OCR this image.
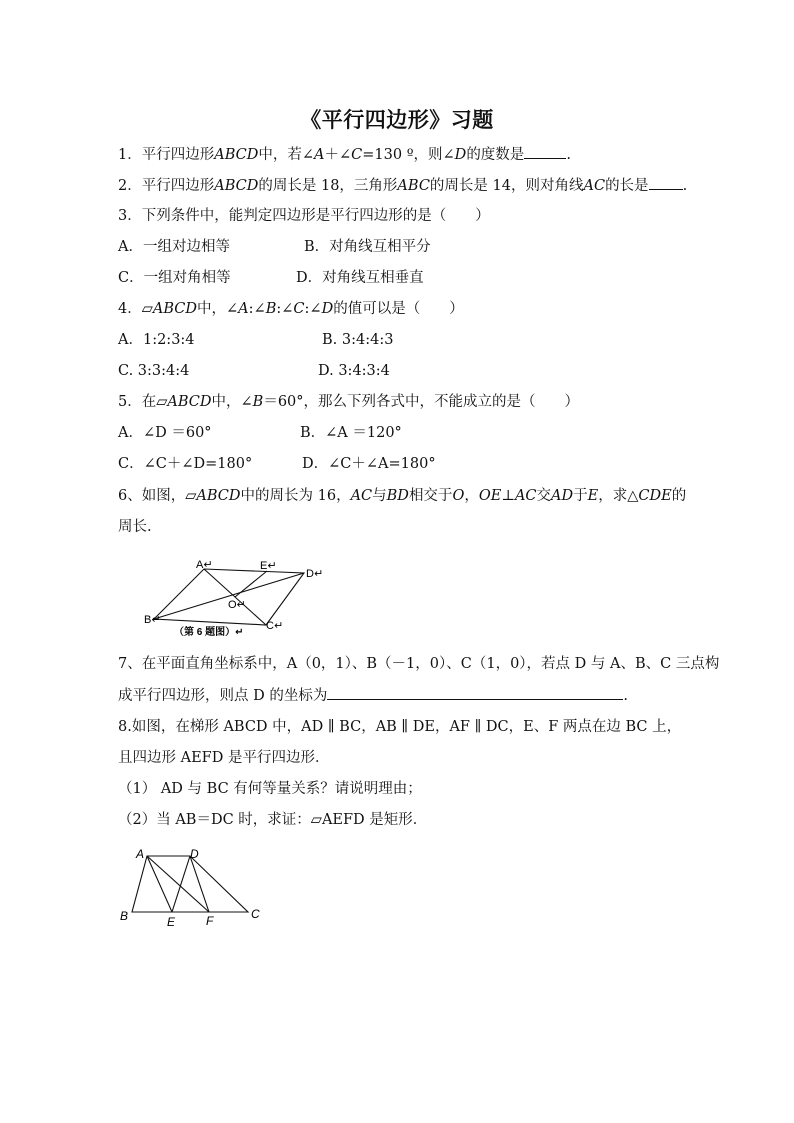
《平行四边形》习题
1．平行四边形ABCD中，若∠A＋∠C=130 º，则∠D的度数是	.
2．平行四边形ABCD的周长是 18，三角形ABC的周长是 14，则对角线AC的长是 .
3．下列条件中，能判定四边形是平行四边形的是（　　）
A．一组对边相等	B．对角线互相平分
C．一组对角相等	D．对角线互相垂直
4．▱ABCD中，∠A:∠B:∠C:∠D的值可以是（　　）
A．1:2:3:4	B. 3:4:4:3
C. 3:3:4:4	D. 3:4:3:4
5．在▱ABCD中，∠B＝60°，那么下列各式中，不能成立的是（　　）
A．∠D ＝60°	B．∠A ＝120°
C．∠C＋∠D=180°	D．∠C＋∠A=180°
6、如图，▱ABCD中的周长为 16，AC与BD相交于O，OE⊥AC交AD于E，求△CDE的
周长.
A↵	E↵
D↵
O↵
B↵	C↵
（第 6 题图）↵
7、在平面直角坐标系中，A（0，1）、B（－1，0）、C（1，0），若点 D 与 A、B、C 三点构
成平行四边形，则点 D 的坐标为	.
8.如图，在梯形 ABCD 中，AD ∥ BC，AB ∥ DE，AF ∥ DC，E、F 两点在边 BC 上，
且四边形 AEFD 是平行四边形．
（1） AD 与 BC 有何等量关系？请说明理由；
（2）当 AB＝DC 时，求证：▱AEFD 是矩形．
A	D
B	E	F	C
